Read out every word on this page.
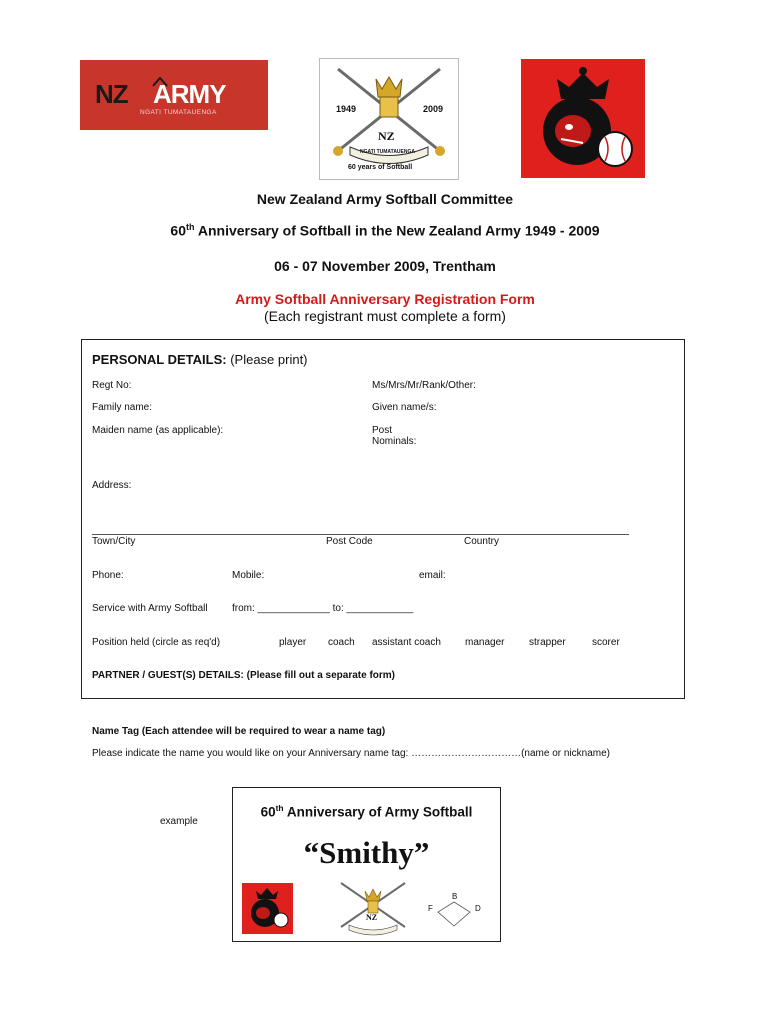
NZ ARMY
NGATI TUMATAUENGA	1949	2009
NZ
NGATI TUMATAUENGA
60 years of Softball
New Zealand Army Softball Committee
60th Anniversary of Softball in the New Zealand Army 1949 - 2009
06 - 07 November 2009, Trentham
Army Softball Anniversary Registration Form
(Each registrant must complete a form)
PERSONAL DETAILS: (Please print)
Regt No:	Ms/Mrs/Mr/Rank/Other:
Family name:	Given name/s:
Maiden name (as applicable):	Post
Nominals:
Address:
Town/City	Post Code	Country
Phone:	Mobile:	email:
Service with Army Softball from: _____________ to: ____________
Position held (circle as req'd)	player coach assistant coach manager strapper	scorer
PARTNER / GUEST(S) DETAILS: (Please fill out a separate form)
Name Tag (Each attendee will be required to wear a name tag)
Please indicate the name you would like on your Anniversary name tag: ……………………………(name or nickname)
example
60th Anniversary of Army Softball
“Smithy”
NZ
B
F	D
